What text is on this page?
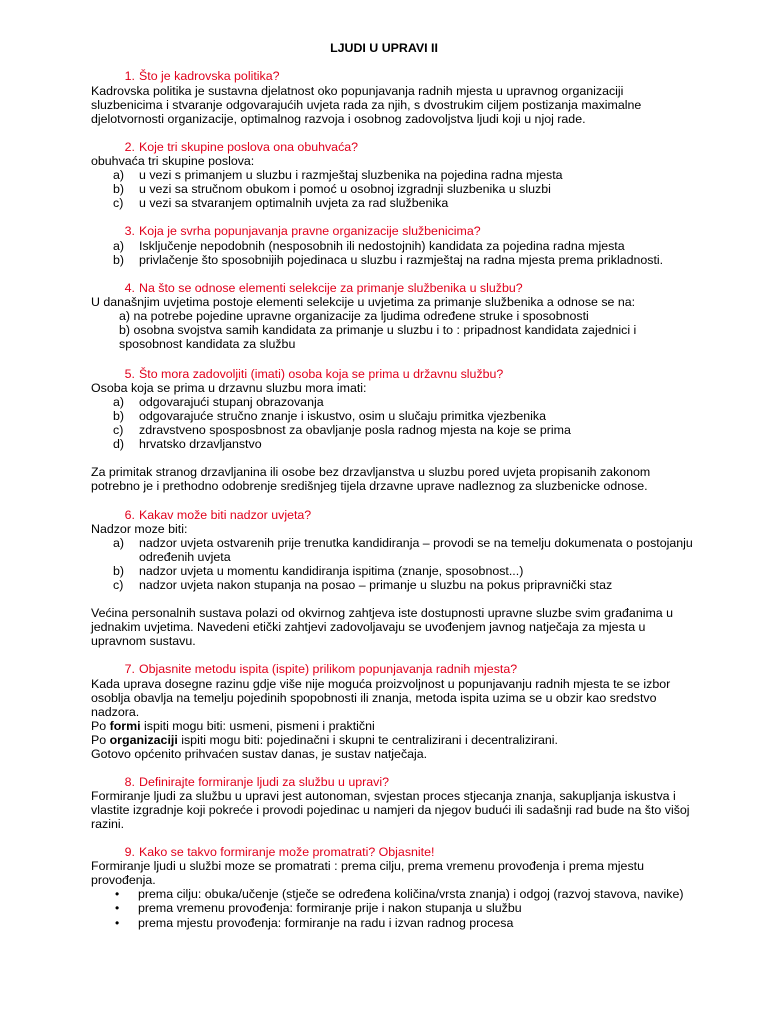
LJUDI U UPRAVI II
1. Što je kadrovska politika?
Kadrovska politika je sustavna djelatnost oko popunjavanja radnih mjesta u upravnog organizaciji
sluzbenicima i stvaranje odgovarajućih uvjeta rada za njih, s dvostrukim ciljem postizanja maximalne
djelotvornosti organizacije, optimalnog razvoja i osobnog zadovoljstva ljudi koji u njoj rade.
2. Koje tri skupine poslova ona obuhvaća?
obuhvaća tri skupine poslova:
a) u vezi s primanjem u sluzbu i razmještaj sluzbenika na pojedina radna mjesta
b) u vezi sa stručnom obukom i pomoć u osobnoj izgradnji sluzbenika u sluzbi
c) u vezi sa stvaranjem optimalnih uvjeta za rad službenika
3. Koja je svrha popunjavanja pravne organizacije službenicima?
a) Isključenje nepodobnih (nesposobnih ili nedostojnih) kandidata za pojedina radna mjesta
b) privlačenje što sposobnijih pojedinaca u sluzbu i razmještaj na radna mjesta prema prikladnosti.
4. Na što se odnose elementi selekcije za primanje službenika u službu?
U današnjim uvjetima postoje elementi selekcije u uvjetima za primanje službenika a odnose se na:
a) na potrebe pojedine upravne organizacije za ljudima određene struke i sposobnosti
b) osobna svojstva samih kandidata za primanje u sluzbu i to : pripadnost kandidata zajednici i
sposobnost kandidata za službu
5. Što mora zadovoljiti (imati) osoba koja se prima u državnu službu?
Osoba koja se prima u drzavnu sluzbu mora imati:
a) odgovarajući stupanj obrazovanja
b) odgovarajuće stručno znanje i iskustvo, osim u slučaju primitka vjezbenika
c) zdravstveno sposposbnost za obavljanje posla radnog mjesta na koje se prima
d) hrvatsko drzavljanstvo
Za primitak stranog drzavljanina ili osobe bez drzavljanstva u sluzbu pored uvjeta propisanih zakonom
potrebno je i prethodno odobrenje središnjeg tijela drzavne uprave nadleznog za sluzbenicke odnose.
6. Kakav može biti nadzor uvjeta?
Nadzor moze biti:
a) nadzor uvjeta ostvarenih prije trenutka kandidiranja – provodi se na temelju dokumenata o postojanju
određenih uvjeta
b) nadzor uvjeta u momentu kandidiranja ispitima (znanje, sposobnost...)
c) nadzor uvjeta nakon stupanja na posao – primanje u sluzbu na pokus pripravnički staz
Većina personalnih sustava polazi od okvirnog zahtjeva iste dostupnosti upravne sluzbe svim građanima u
jednakim uvjetima. Navedeni etički zahtjevi zadovoljavaju se uvođenjem javnog natječaja za mjesta u
upravnom sustavu.
7. Objasnite metodu ispita (ispite) prilikom popunjavanja radnih mjesta?
Kada uprava dosegne razinu gdje više nije moguća proizvoljnost u popunjavanju radnih mjesta te se izbor
osoblja obavlja na temelju pojedinih spopobnosti ili znanja, metoda ispita uzima se u obzir kao sredstvo
nadzora.
Po formi ispiti mogu biti: usmeni, pismeni i praktični
Po organizaciji ispiti mogu biti: pojedinačni i skupni te centralizirani i decentralizirani.
Gotovo općenito prihvaćen sustav danas, je sustav natječaja.
8. Definirajte formiranje ljudi za službu u upravi?
Formiranje ljudi za službu u upravi jest autonoman, svjestan proces stjecanja znanja, sakupljanja iskustva i
vlastite izgradnje koji pokreće i provodi pojedinac u namjeri da njegov budući ili sadašnji rad bude na što višoj
razini.
9. Kako se takvo formiranje može promatrati? Objasnite!
Formiranje ljudi u službi moze se promatrati : prema cilju, prema vremenu provođenja i prema mjestu
provođenja.
• prema cilju: obuka/učenje (stječe se određena količina/vrsta znanja) i odgoj (razvoj stavova, navike)
• prema vremenu provođenja: formiranje prije i nakon stupanja u službu
• prema mjestu provođenja: formiranje na radu i izvan radnog procesa
